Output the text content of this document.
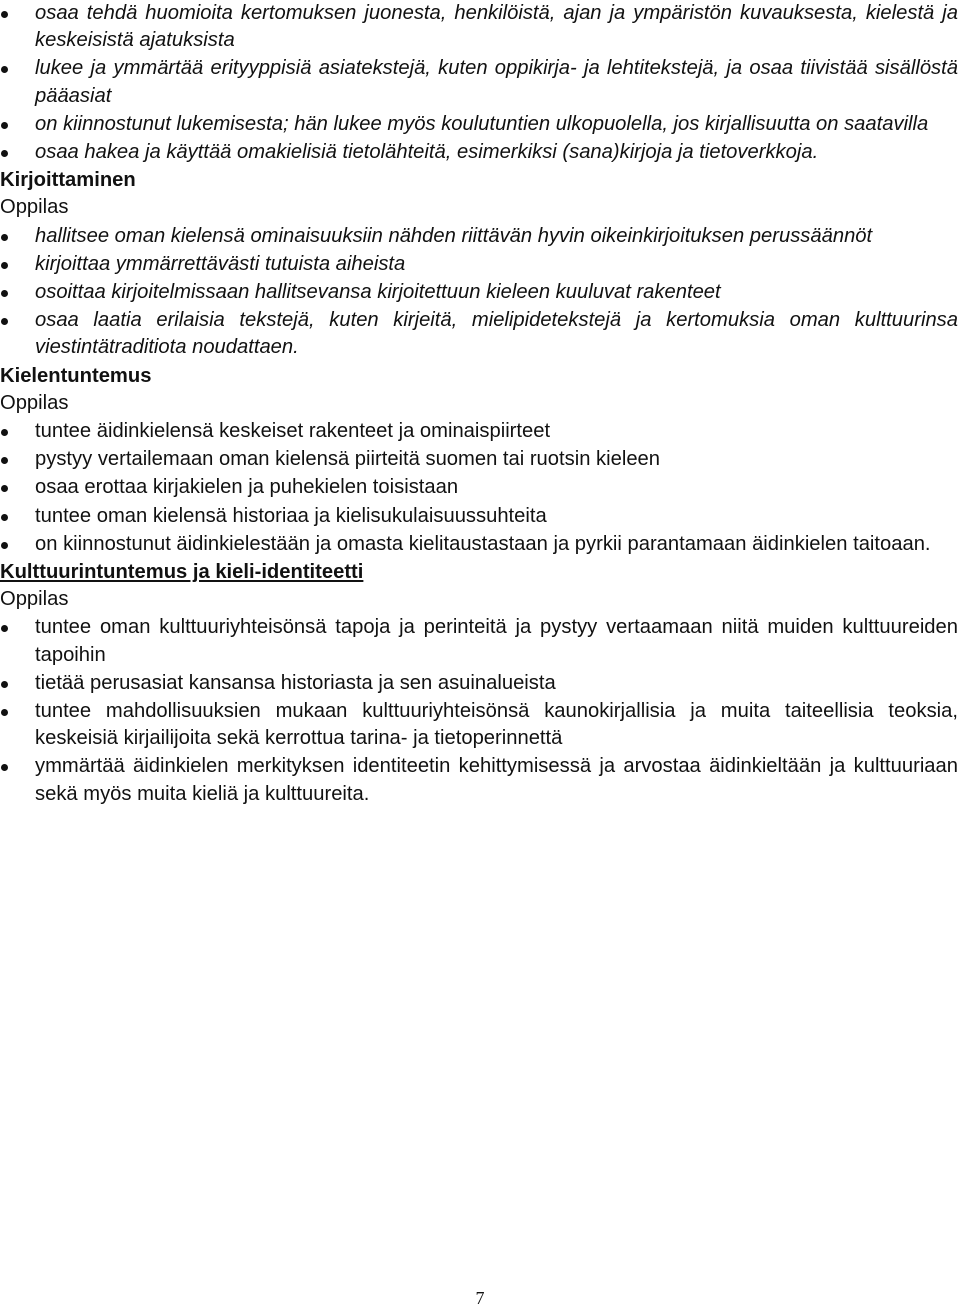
osaa tehdä huomioita kertomuksen juonesta, henkilöistä, ajan ja ympäristön kuvauksesta, kielestä ja keskeisistä ajatuksista
lukee ja ymmärtää erityyppisiä asiatekstejä, kuten oppikirja- ja lehtitekstejä, ja osaa tiivistää sisällöstä pääasiat
on kiinnostunut lukemisesta; hän lukee myös koulutuntien ulkopuolella, jos kirjallisuutta on saatavilla
osaa hakea ja käyttää omakielisiä tietolähteitä, esimerkiksi (sana)kirjoja ja tietoverkkoja.
Kirjoittaminen
Oppilas
hallitsee oman kielensä ominaisuuksiin nähden riittävän hyvin oikeinkirjoituksen perussäännöt
kirjoittaa ymmärrettävästi tutuista aiheista
osoittaa kirjoitelmissaan hallitsevansa kirjoitettuun kieleen kuuluvat rakenteet
osaa laatia erilaisia tekstejä, kuten kirjeitä, mielipidetekstejä ja kertomuksia oman kulttuurinsa viestintätraditiota noudattaen.
Kielentuntemus
Oppilas
tuntee äidinkielensä keskeiset rakenteet ja ominaispiirteet
pystyy vertailemaan oman kielensä piirteitä suomen tai ruotsin kieleen
osaa erottaa kirjakielen ja puhekielen toisistaan
tuntee oman kielensä historiaa ja kielisukulaisuussuhteita
on kiinnostunut äidinkielestään ja omasta kielitaustastaan ja pyrkii parantamaan äidinkielen taitoaan.
Kulttuurintuntemus ja kieli-identiteetti
Oppilas
tuntee oman kulttuuriyhteisönsä tapoja ja perinteitä ja pystyy vertaamaan niitä muiden kulttuureiden tapoihin
tietää perusasiat kansansa historiasta ja sen asuinalueista
tuntee mahdollisuuksien mukaan kulttuuriyhteisönsä kaunokirjallisia ja muita taiteellisia teoksia, keskeisiä kirjailijoita sekä kerrottua tarina- ja tietoperinnettä
ymmärtää äidinkielen merkityksen identiteetin kehittymisessä ja arvostaa äidinkieltään ja kulttuuriaan sekä myös muita kieliä ja kulttuureita.
7
